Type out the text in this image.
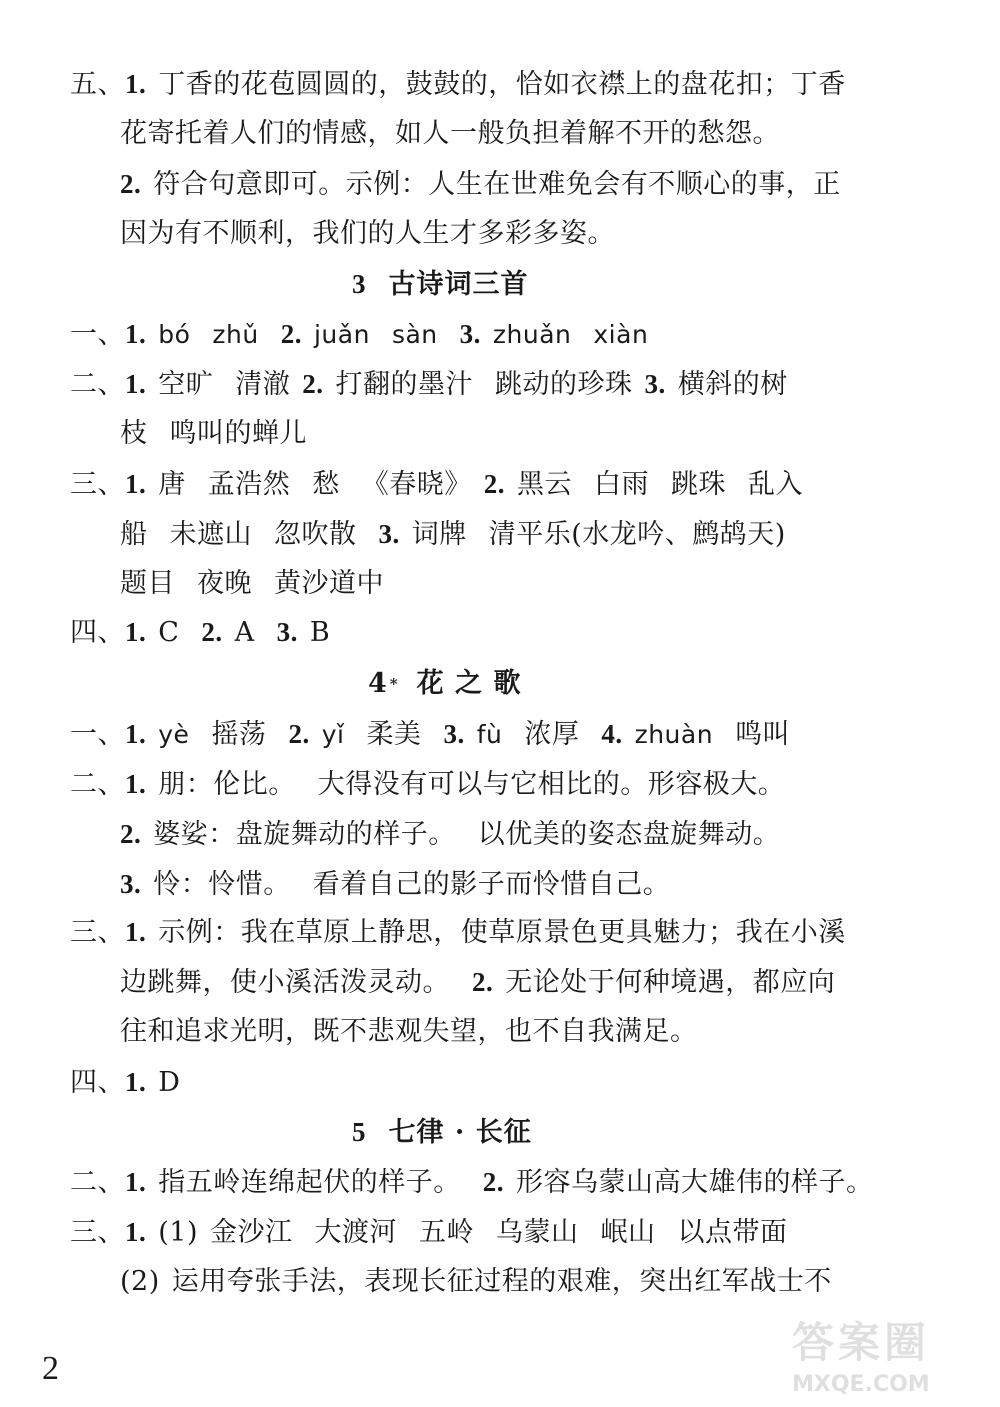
五、1. 丁香的花苞圆圆的，鼓鼓的，恰如衣襟上的盘花扣；丁香
花寄托着人们的情感，如人一般负担着解不开的愁怨。
2. 符合句意即可。示例：人生在世难免会有不顺心的事，正
因为有不顺利，我们的人生才多彩多姿。
3 古诗词三首
一、1. bó zhǔ 2. juǎn sàn 3. zhuǎn xiàn
二、1. 空旷 清澈 2. 打翻的墨汁 跳动的珍珠 3. 横斜的树
枝 鸣叫的蝉儿
三、1. 唐 孟浩然 愁 《春晓》 2. 黑云 白雨 跳珠 乱入
船 未遮山 忽吹散 3. 词牌 清平乐(水龙吟、鹧鸪天)
题目 夜晚 黄沙道中
四、1. C 2. A 3. B
4 * 花 之 歌
一、1. yè 摇荡 2. yǐ 柔美 3. fù 浓厚 4. zhuàn 鸣叫
二、1. 朋：伦比。 大得没有可以与它相比的。形容极大。
2. 婆娑：盘旋舞动的样子。 以优美的姿态盘旋舞动。
3. 怜：怜惜。 看着自己的影子而怜惜自己。
三、1. 示例：我在草原上静思，使草原景色更具魅力；我在小溪
边跳舞，使小溪活泼灵动。 2. 无论处于何种境遇，都应向
往和追求光明，既不悲观失望，也不自我满足。
四、1. D
5 七律 · 长征
二、1. 指五岭连绵起伏的样子。 2. 形容乌蒙山高大雄伟的样子。
三、1. (1) 金沙江 大渡河 五岭 乌蒙山 岷山 以点带面
(2) 运用夸张手法，表现长征过程的艰难，突出红军战士不
2
答案圈
MXQE.COM
